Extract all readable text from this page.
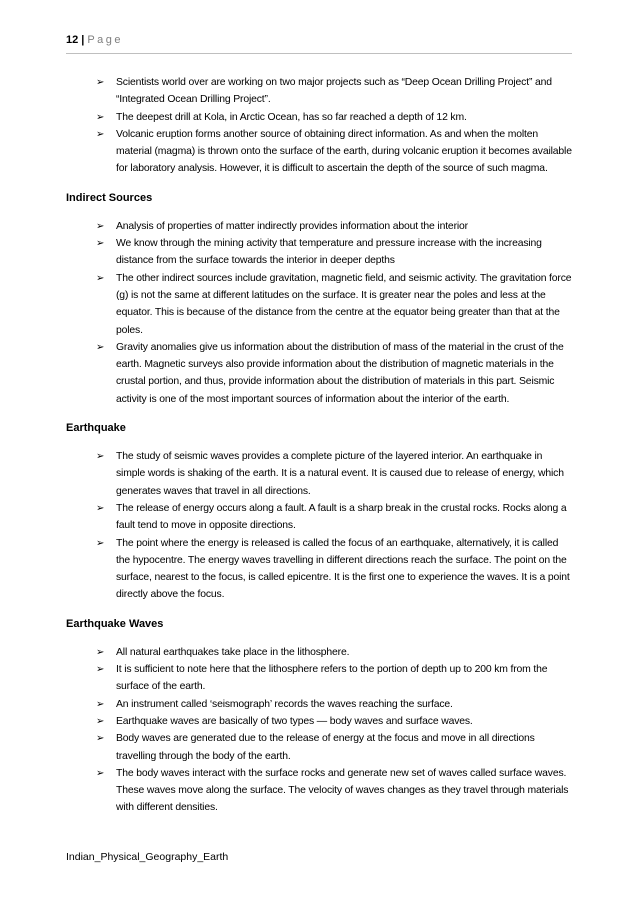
12 | Page
➢ Scientists world over are working on two major projects such as “Deep Ocean Drilling Project” and “Integrated Ocean Drilling Project”.
➢ The deepest drill at Kola, in Arctic Ocean, has so far reached a depth of 12 km.
➢ Volcanic eruption forms another source of obtaining direct information. As and when the molten material (magma) is thrown onto the surface of the earth, during volcanic eruption it becomes available for laboratory analysis. However, it is difficult to ascertain the depth of the source of such magma.
Indirect Sources
➢ Analysis of properties of matter indirectly provides information about the interior
➢ We know through the mining activity that temperature and pressure increase with the increasing distance from the surface towards the interior in deeper depths
➢ The other indirect sources include gravitation, magnetic field, and seismic activity. The gravitation force (g) is not the same at different latitudes on the surface. It is greater near the poles and less at the equator. This is because of the distance from the centre at the equator being greater than that at the poles.
➢ Gravity anomalies give us information about the distribution of mass of the material in the crust of the earth. Magnetic surveys also provide information about the distribution of magnetic materials in the crustal portion, and thus, provide information about the distribution of materials in this part. Seismic activity is one of the most important sources of information about the interior of the earth.
Earthquake
➢ The study of seismic waves provides a complete picture of the layered interior. An earthquake in simple words is shaking of the earth. It is a natural event. It is caused due to release of energy, which generates waves that travel in all directions.
➢ The release of energy occurs along a fault. A fault is a sharp break in the crustal rocks. Rocks along a fault tend to move in opposite directions.
➢ The point where the energy is released is called the focus of an earthquake, alternatively, it is called the hypocentre. The energy waves travelling in different directions reach the surface. The point on the surface, nearest to the focus, is called epicentre. It is the first one to experience the waves. It is a point directly above the focus.
Earthquake Waves
➢ All natural earthquakes take place in the lithosphere.
➢ It is sufficient to note here that the lithosphere refers to the portion of depth up to 200 km from the surface of the earth.
➢ An instrument called ‘seismograph’ records the waves reaching the surface.
➢ Earthquake waves are basically of two types — body waves and surface waves.
➢ Body waves are generated due to the release of energy at the focus and move in all directions travelling through the body of the earth.
➢ The body waves interact with the surface rocks and generate new set of waves called surface waves. These waves move along the surface. The velocity of waves changes as they travel through materials with different densities.
Indian_Physical_Geography_Earth
